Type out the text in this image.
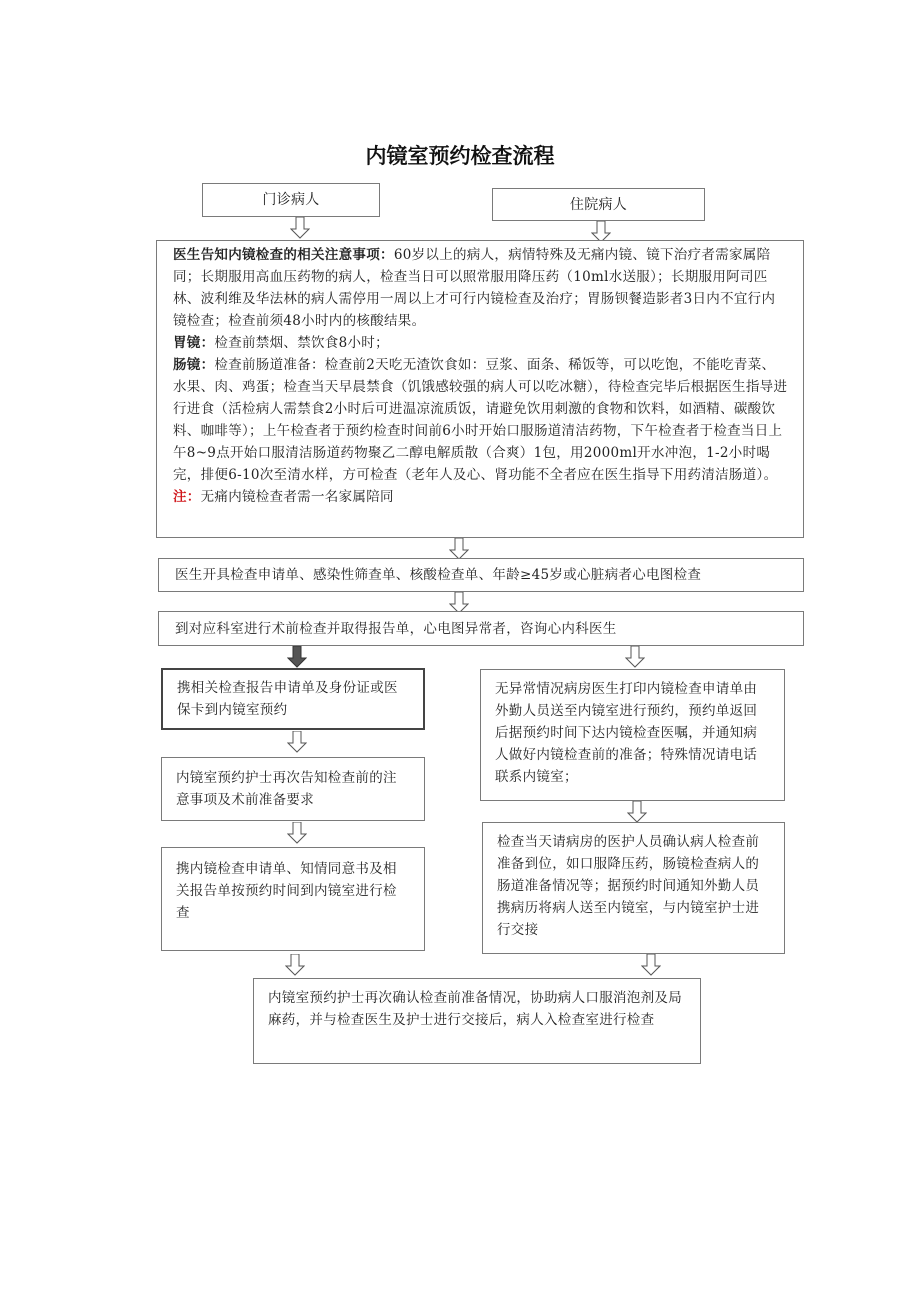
内镜室预约检查流程
门诊病人	住院病人

医生告知内镜检查的相关注意事项：60岁以上的病人，病情特殊及无痛内镜、镜下治疗者需家属陪同；长期服用高血压药物的病人，检查当日可以照常服用降压药（10ml水送服）；长期服用阿司匹林、波利维及华法林的病人需停用一周以上才可行内镜检查及治疗；胃肠钡餐造影者3日内不宜行内镜检查；检查前须48小时内的核酸结果。

胃镜：检查前禁烟、禁饮食8小时；

肠镜：检查前肠道准备：检查前2天吃无渣饮食如：豆浆、面条、稀饭等，可以吃饱，不能吃青菜、水果、肉、鸡蛋；检查当天早晨禁食（饥饿感较强的病人可以吃冰糖），待检查完毕后根据医生指导进行进食（活检病人需禁食2小时后可进温凉流质饭，请避免饮用刺激的食物和饮料，如酒精、碳酸饮料、咖啡等）；上午检查者于预约检查时间前6小时开始口服肠道清洁药物，下午检查者于检查当日上午8~9点开始口服清洁肠道药物聚乙二醇电解质散（合爽）1包，用2000ml开水冲泡，1-2小时喝完，排便6-10次至清水样，方可检查（老年人及心、肾功能不全者应在医生指导下用药清洁肠道）。

注：无痛内镜检查者需一名家属陪同

医生开具检查申请单、感染性筛查单、核酸检查单、年龄≥45岁或心脏病者心电图检查
到对应科室进行术前检查并取得报告单，心电图异常者，咨询心内科医生
携相关检查报告申请单及身份证或医保卡到内镜室预约
内镜室预约护士再次告知检查前的注意事项及术前准备要求
携内镜检查申请单、知情同意书及相关报告单按预约时间到内镜室进行检查
无异常情况病房医生打印内镜检查申请单由外勤人员送至内镜室进行预约，预约单返回后据预约时间下达内镜检查医嘱，并通知病人做好内镜检查前的准备；特殊情况请电话联系内镜室；
检查当天请病房的医护人员确认病人检查前准备到位，如口服降压药，肠镜检查病人的肠道准备情况等；据预约时间通知外勤人员携病历将病人送至内镜室，与内镜室护士进行交接
内镜室预约护士再次确认检查前准备情况，协助病人口服消泡剂及局麻药，并与检查医生及护士进行交接后，病人入检查室进行检查
